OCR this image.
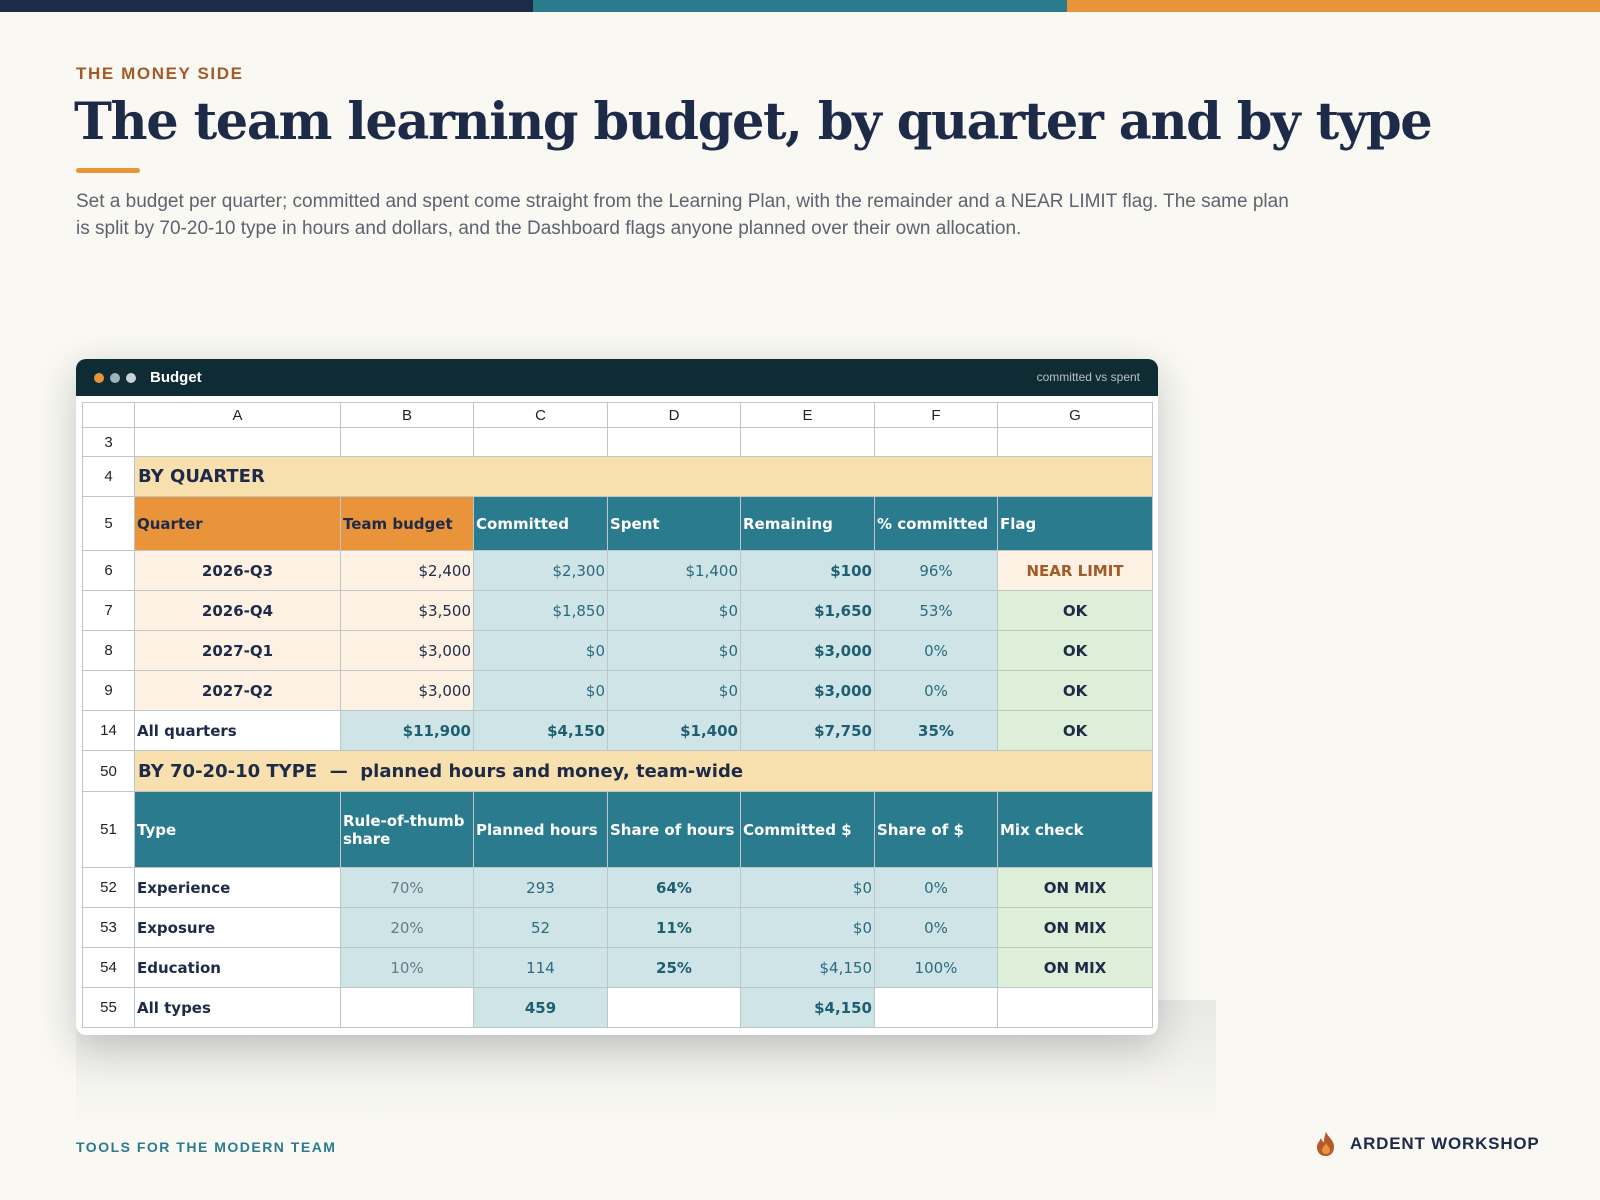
THE MONEY SIDE
The team learning budget, by quarter and by type
Set a budget per quarter; committed and spent come straight from the Learning Plan, with the remainder and a NEAR LIMIT flag. The same plan is split by 70-20-10 type in hours and dollars, and the Dashboard flags anyone planned over their own allocation.
Budget	committed vs spent
	A	B	C	D	E	F	G
3							
4	BY QUARTER						
5	Quarter	Team budget	Committed	Spent	Remaining	% committed	Flag
6	2026-Q3	$2,400	$2,300	$1,400	$100	96%	NEAR LIMIT
7	2026-Q4	$3,500	$1,850	$0	$1,650	53%	OK
8	2027-Q1	$3,000	$0	$0	$3,000	0%	OK
9	2027-Q2	$3,000	$0	$0	$3,000	0%	OK
14	All quarters	$11,900	$4,150	$1,400	$7,750	35%	OK
50	BY 70-20-10 TYPE  —  planned hours and money, team-wide						
51	Type	Rule-of-thumb share	Planned hours	Share of hours	Committed $	Share of $	Mix check
52	Experience	70%	293	64%	$0	0%	ON MIX
53	Exposure	20%	52	11%	$0	0%	ON MIX
54	Education	10%	114	25%	$4,150	100%	ON MIX
55	All types		459		$4,150		
TOOLS FOR THE MODERN TEAM	ARDENT WORKSHOP
